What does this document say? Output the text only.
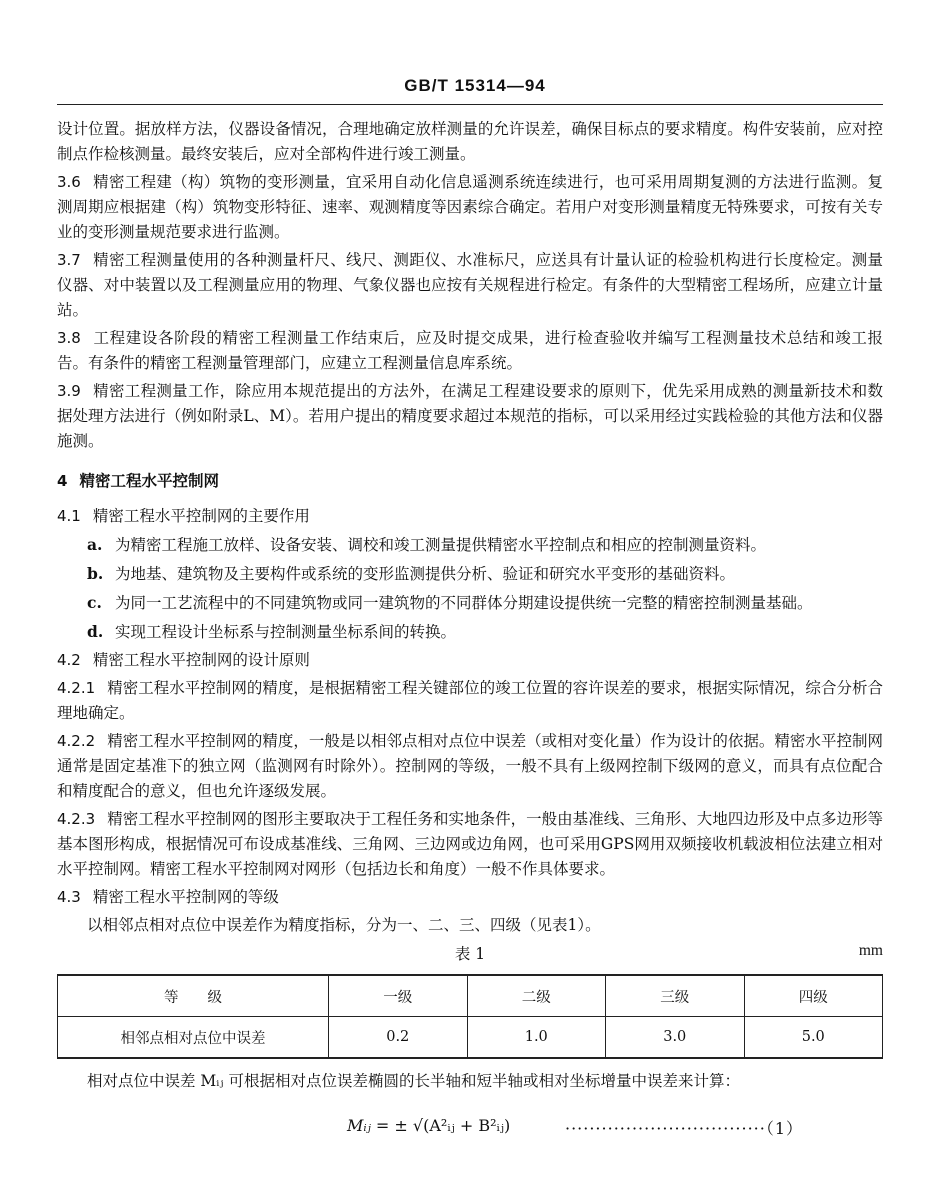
GB/T 15314—94

设计位置。据放样方法，仪器设备情况，合理地确定放样测量的允许误差，确保目标点的要求精度。构件安装前，应对控制点作检核测量。最终安装后，应对全部构件进行竣工测量。

3.6 精密工程建（构）筑物的变形测量，宜采用自动化信息遥测系统连续进行，也可采用周期复测的方法进行监测。复测周期应根据建（构）筑物变形特征、速率、观测精度等因素综合确定。若用户对变形测量精度无特殊要求，可按有关专业的变形测量规范要求进行监测。

3.7 精密工程测量使用的各种测量杆尺、线尺、测距仪、水准标尺，应送具有计量认证的检验机构进行长度检定。测量仪器、对中装置以及工程测量应用的物理、气象仪器也应按有关规程进行检定。有条件的大型精密工程场所，应建立计量站。

3.8 工程建设各阶段的精密工程测量工作结束后，应及时提交成果，进行检查验收并编写工程测量技术总结和竣工报告。有条件的精密工程测量管理部门，应建立工程测量信息库系统。

3.9 精密工程测量工作，除应用本规范提出的方法外，在满足工程建设要求的原则下，优先采用成熟的测量新技术和数据处理方法进行（例如附录L、M）。若用户提出的精度要求超过本规范的指标，可以采用经过实践检验的其他方法和仪器施测。

4 精密工程水平控制网

4.1 精密工程水平控制网的主要作用

a. 为精密工程施工放样、设备安装、调校和竣工测量提供精密水平控制点和相应的控制测量资料。

b. 为地基、建筑物及主要构件或系统的变形监测提供分析、验证和研究水平变形的基础资料。

c. 为同一工艺流程中的不同建筑物或同一建筑物的不同群体分期建设提供统一完整的精密控制测量基础。

d. 实现工程设计坐标系与控制测量坐标系间的转换。

4.2 精密工程水平控制网的设计原则

4.2.1 精密工程水平控制网的精度，是根据精密工程关键部位的竣工位置的容许误差的要求，根据实际情况，综合分析合理地确定。

4.2.2 精密工程水平控制网的精度，一般是以相邻点相对点位中误差（或相对变化量）作为设计的依据。精密水平控制网通常是固定基准下的独立网（监测网有时除外）。控制网的等级，一般不具有上级网控制下级网的意义，而具有点位配合和精度配合的意义，但也允许逐级发展。

4.2.3 精密工程水平控制网的图形主要取决于工程任务和实地条件，一般由基准线、三角形、大地四边形及中点多边形等基本图形构成，根据情况可布设成基准线、三角网、三边网或边角网，也可采用GPS网用双频接收机载波相位法建立相对水平控制网。精密工程水平控制网对网形（包括边长和角度）一般不作具体要求。

4.3 精密工程水平控制网的等级

以相邻点相对点位中误差作为精度指标，分为一、二、三、四级（见表1）。

表 1	mm
等　　级	一级	二级	三级	四级
相邻点相对点位中误差	0.2	1.0	3.0	5.0

相对点位中误差 Mᵢⱼ 可根据相对点位误差椭圆的长半轴和短半轴或相对坐标增量中误差来计算：

Mᵢⱼ = ± √(A²ᵢⱼ + B²ᵢⱼ)	·································（1）
